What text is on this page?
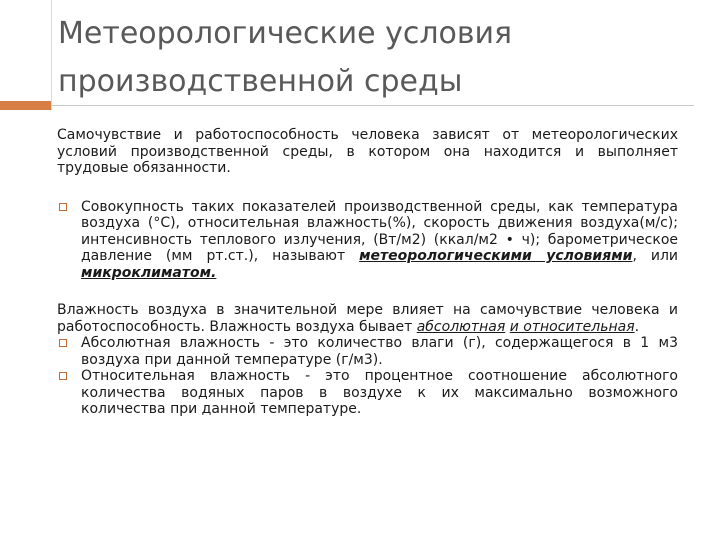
Метеорологические условия
производственной среды

Самочувствие и работоспособность человека зависят от метеорологических условий производственной среды, в котором она находится и выполняет трудовые обязанности.

Совокупность таких показателей производственной среды, как температура воздуха (°С), относительная влажность(%), скорость движения воздуха(м/с); интенсивность теплового излучения, (Вт/м2) (ккал/м2 • ч); барометрическое давление (мм рт.ст.), называют метеорологическими условиями, или микроклиматом.

Влажность воздуха в значительной мере влияет на самочувствие человека и работоспособность. Влажность воздуха бывает абсолютная и относительная.

Абсолютная влажность - это количество влаги (г), содержащегося в 1 м3 воздуха при данной температуре (г/м3).

Относительная влажность - это процентное соотношение абсолютного количества водяных паров в воздухе к их максимально возможного количества при данной температуре.
